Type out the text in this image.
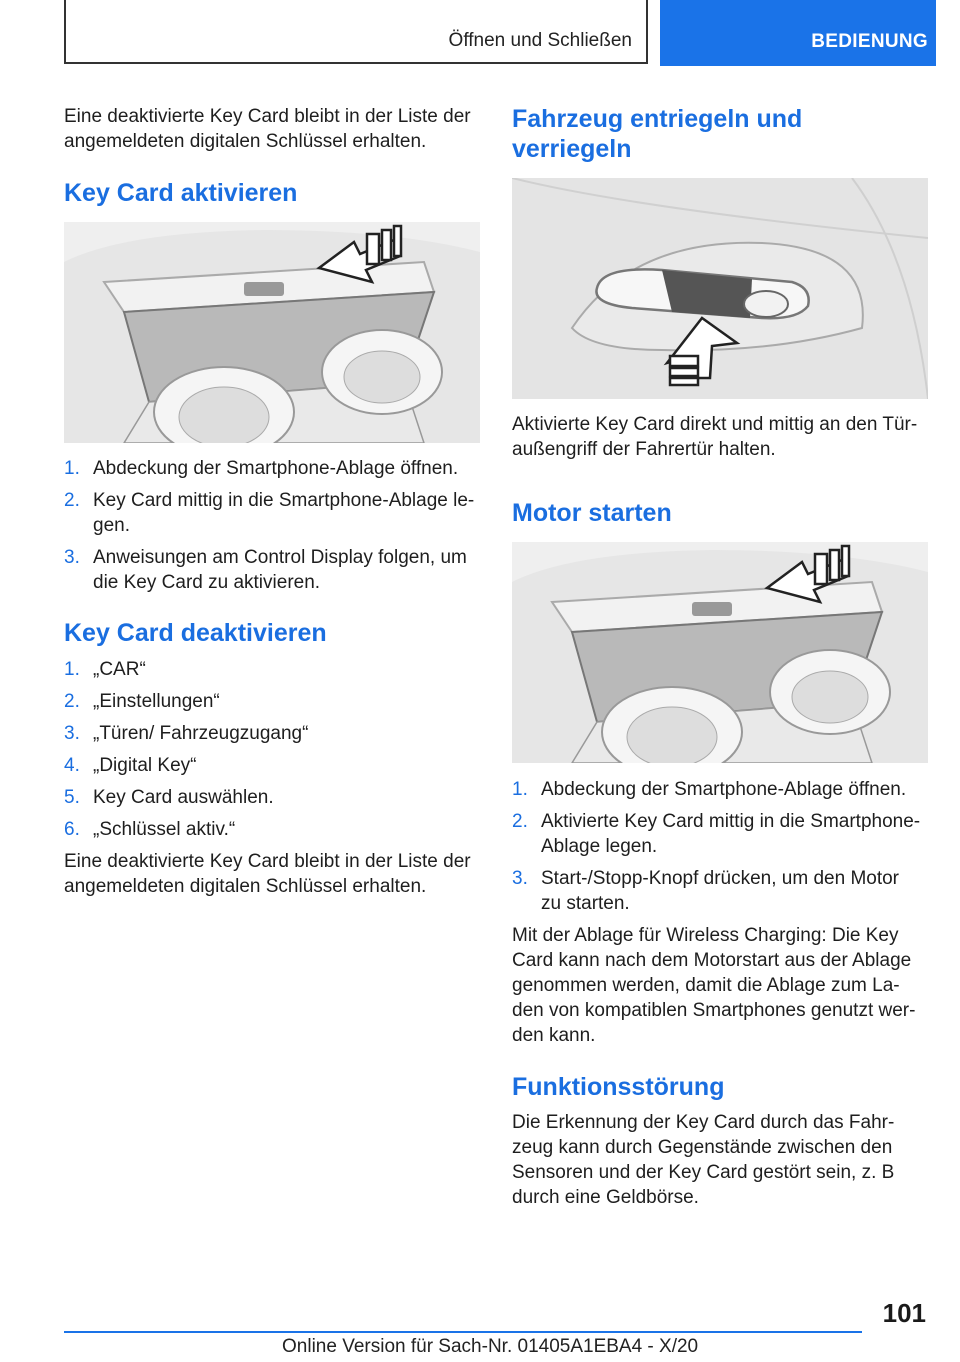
Öffnen und Schließen	BEDIENUNG
Eine deaktivierte Key Card bleibt in der Liste der
angemeldeten digitalen Schlüssel erhalten.
Key Card aktivieren
1. Abdeckung der Smartphone-Ablage öffnen.
2. Key Card mittig in die Smartphone-Ablage le-
gen.
3. Anweisungen am Control Display folgen, um
die Key Card zu aktivieren.
Key Card deaktivieren
1. „CAR“
2. „Einstellungen“
3. „Türen/ Fahrzeugzugang“
4. „Digital Key“
5. Key Card auswählen.
6. „Schlüssel aktiv.“
Eine deaktivierte Key Card bleibt in der Liste der
angemeldeten digitalen Schlüssel erhalten.
Fahrzeug entriegeln und
verriegeln
Aktivierte Key Card direkt und mittig an den Tür-
außengriff der Fahrertür halten.
Motor starten
1. Abdeckung der Smartphone-Ablage öffnen.
2. Aktivierte Key Card mittig in die Smartphone-
Ablage legen.
3. Start-/Stopp-Knopf drücken, um den Motor
zu starten.
Mit der Ablage für Wireless Charging: Die Key
Card kann nach dem Motorstart aus der Ablage
genommen werden, damit die Ablage zum La-
den von kompatiblen Smartphones genutzt wer-
den kann.
Funktionsstörung
Die Erkennung der Key Card durch das Fahr-
zeug kann durch Gegenstände zwischen den
Sensoren und der Key Card gestört sein, z. B
durch eine Geldbörse.
101
Online Version für Sach-Nr. 01405A1EBA4 - X/20
